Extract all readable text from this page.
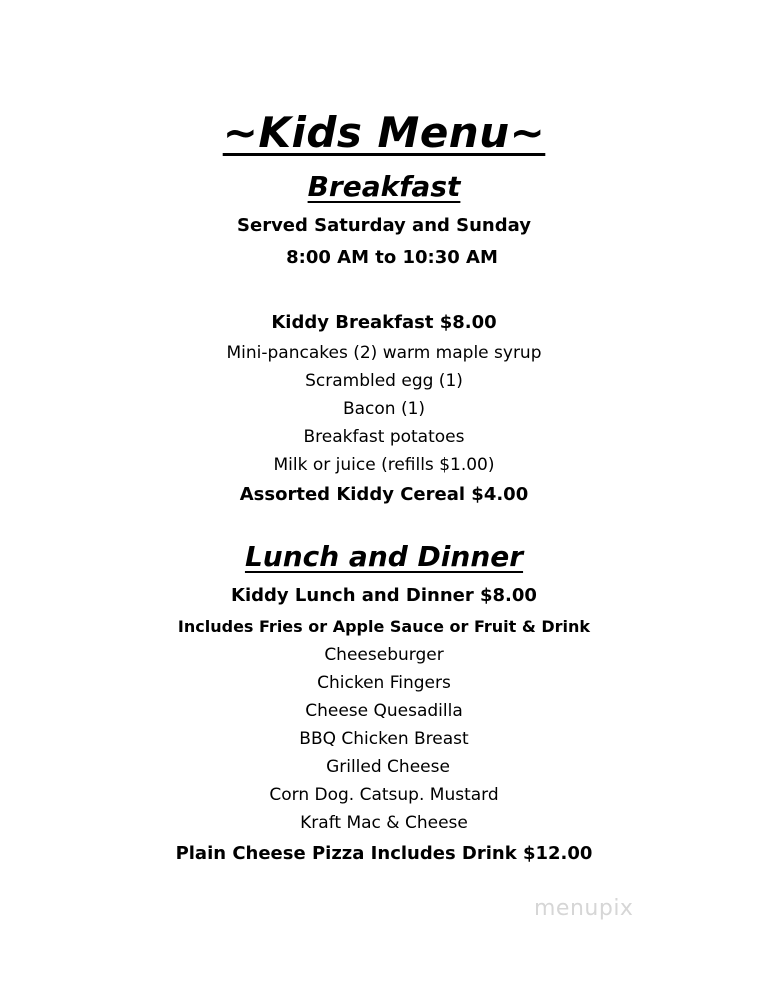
~Kids Menu~
Breakfast
Served Saturday and Sunday
8:00 AM to 10:30 AM
Kiddy Breakfast $8.00
Mini-pancakes (2) warm maple syrup
Scrambled egg (1)
Bacon (1)
Breakfast potatoes
Milk or juice (refills $1.00)
Assorted Kiddy Cereal $4.00
Lunch and Dinner
Kiddy Lunch and Dinner $8.00
Includes Fries or Apple Sauce or Fruit & Drink
Cheeseburger
Chicken Fingers
Cheese Quesadilla
BBQ Chicken Breast
Grilled Cheese
Corn Dog. Catsup. Mustard
Kraft Mac & Cheese
Plain Cheese Pizza Includes Drink $12.00
menupix
